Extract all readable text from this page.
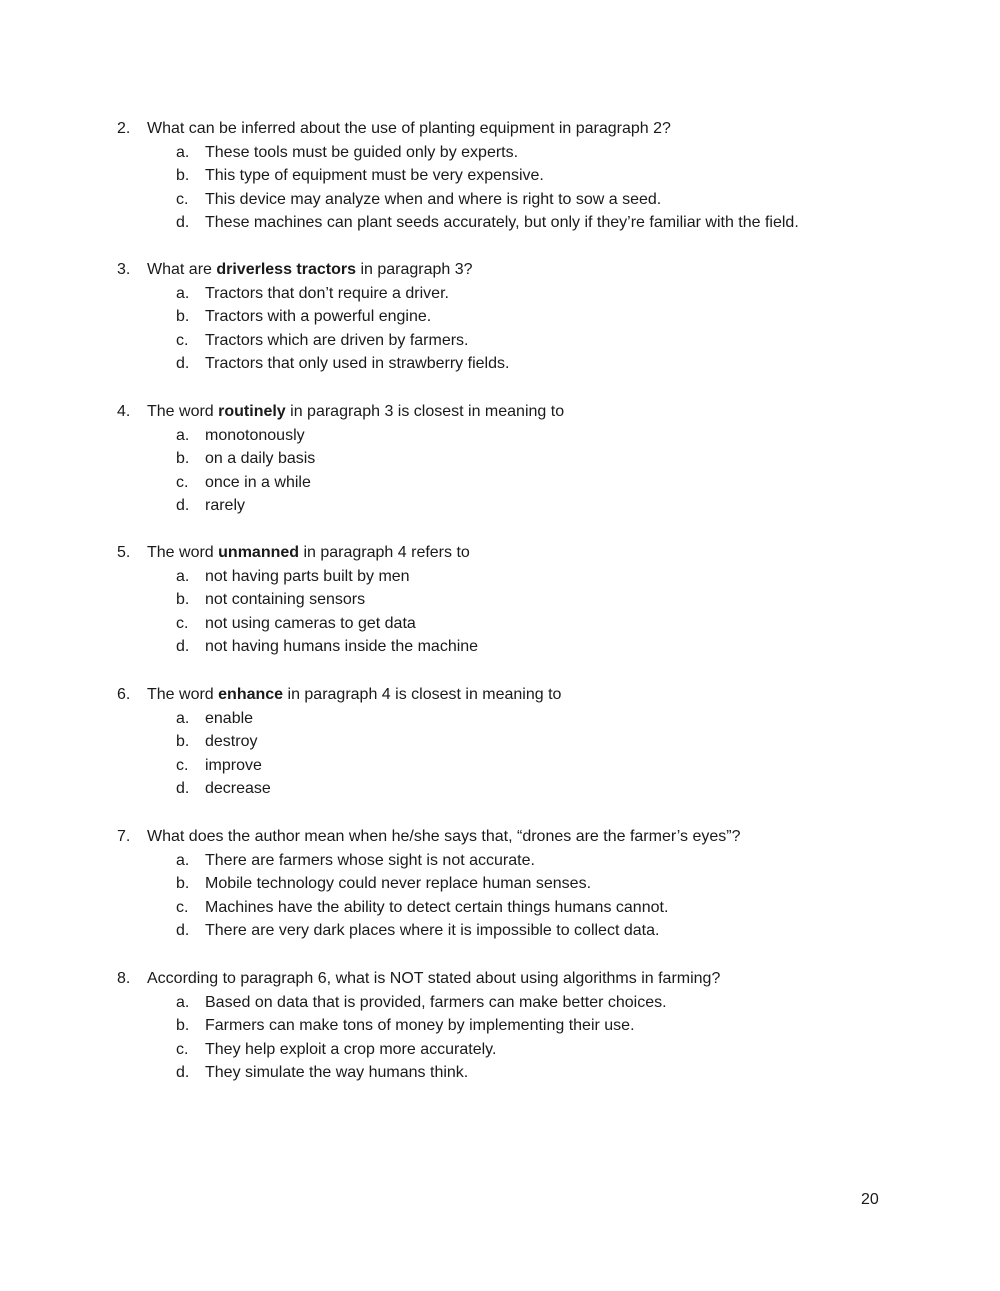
2. What can be inferred about the use of planting equipment in paragraph 2?
a. These tools must be guided only by experts.
b. This type of equipment must be very expensive.
c. This device may analyze when and where is right to sow a seed.
d. These machines can plant seeds accurately, but only if they’re familiar with the field.
3. What are driverless tractors in paragraph 3?
a. Tractors that don’t require a driver.
b. Tractors with a powerful engine.
c. Tractors which are driven by farmers.
d. Tractors that only used in strawberry fields.
4. The word routinely in paragraph 3 is closest in meaning to
a. monotonously
b. on a daily basis
c. once in a while
d. rarely
5. The word unmanned in paragraph 4 refers to
a. not having parts built by men
b. not containing sensors
c. not using cameras to get data
d. not having humans inside the machine
6. The word enhance in paragraph 4 is closest in meaning to
a. enable
b. destroy
c. improve
d. decrease
7. What does the author mean when he/she says that, “drones are the farmer’s eyes”?
a. There are farmers whose sight is not accurate.
b. Mobile technology could never replace human senses.
c. Machines have the ability to detect certain things humans cannot.
d. There are very dark places where it is impossible to collect data.
8. According to paragraph 6, what is NOT stated about using algorithms in farming?
a. Based on data that is provided, farmers can make better choices.
b. Farmers can make tons of money by implementing their use.
c. They help exploit a crop more accurately.
d. They simulate the way humans think.
20
